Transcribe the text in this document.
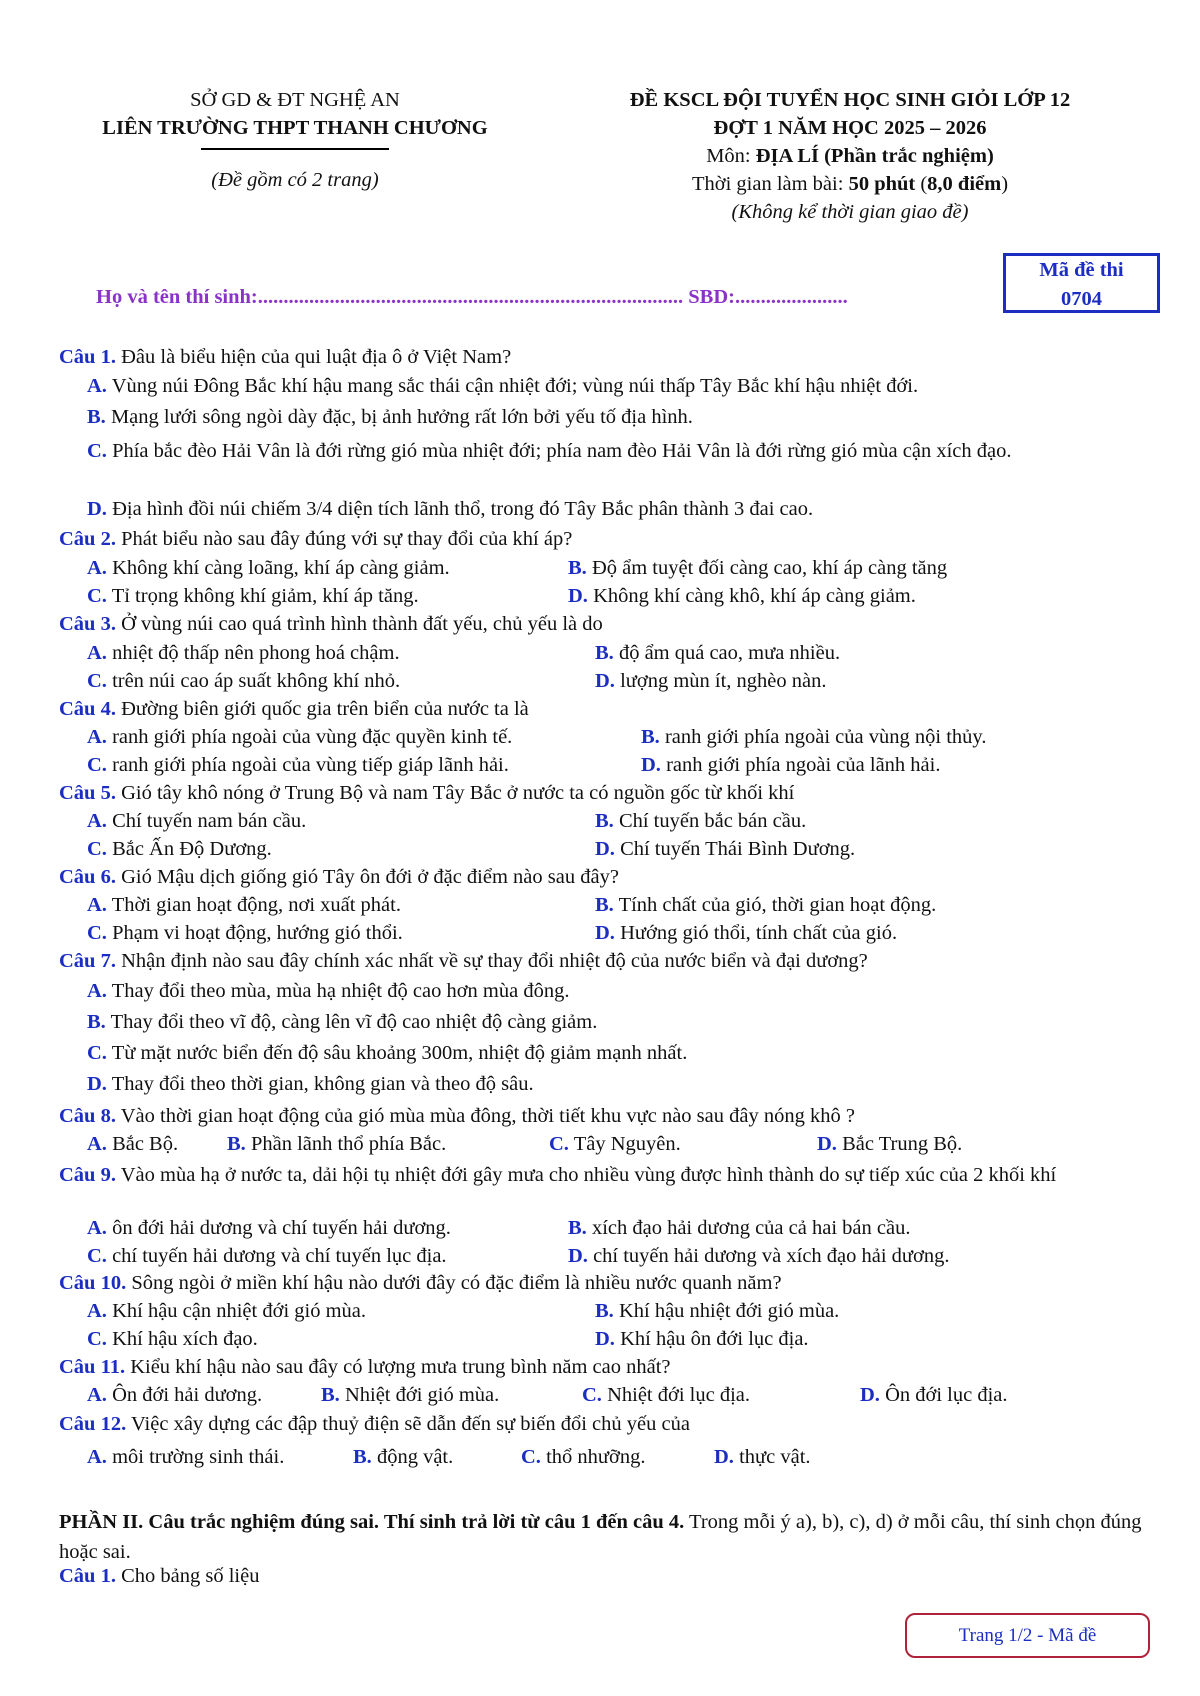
SỞ GD & ĐT NGHỆ AN
LIÊN TRƯỜNG THPT THANH CHƯƠNG
(Đề gồm có 2 trang)
ĐỀ KSCL ĐỘI TUYỂN HỌC SINH GIỎI LỚP 12
ĐỢT 1 NĂM HỌC 2025 – 2026
Môn: ĐỊA LÍ (Phần trắc nghiệm)
Thời gian làm bài: 50 phút (8,0 điểm)
(Không kể thời gian giao đề)
Mã đề thi
0704
Họ và tên thí sinh:................................................................................... SBD:......................
Câu 1. Đâu là biểu hiện của qui luật địa ô ở Việt Nam?
A. Vùng núi Đông Bắc khí hậu mang sắc thái cận nhiệt đới; vùng núi thấp Tây Bắc khí hậu nhiệt đới.
B. Mạng lưới sông ngòi dày đặc, bị ảnh hưởng rất lớn bởi yếu tố địa hình.
C. Phía bắc đèo Hải Vân là đới rừng gió mùa nhiệt đới; phía nam đèo Hải Vân là đới rừng gió mùa cận xích đạo.
D. Địa hình đồi núi chiếm 3/4 diện tích lãnh thổ, trong đó Tây Bắc phân thành 3 đai cao.
Câu 2. Phát biểu nào sau đây đúng với sự thay đổi của khí áp?
A. Không khí càng loãng, khí áp càng giảm.	B. Độ ẩm tuyệt đối càng cao, khí áp càng tăng
C. Tỉ trọng không khí giảm, khí áp tăng.	D. Không khí càng khô, khí áp càng giảm.
Câu 3. Ở vùng núi cao quá trình hình thành đất yếu, chủ yếu là do
A. nhiệt độ thấp nên phong hoá chậm.	B. độ ẩm quá cao, mưa nhiều.
C. trên núi cao áp suất không khí nhỏ.	D. lượng mùn ít, nghèo nàn.
Câu 4. Đường biên giới quốc gia trên biển của nước ta là
A. ranh giới phía ngoài của vùng đặc quyền kinh tế.	B. ranh giới phía ngoài của vùng nội thủy.
C. ranh giới phía ngoài của vùng tiếp giáp lãnh hải.	D. ranh giới phía ngoài của lãnh hải.
Câu 5. Gió tây khô nóng ở Trung Bộ và nam Tây Bắc ở nước ta có nguồn gốc từ khối khí
A. Chí tuyến nam bán cầu.	B. Chí tuyến bắc bán cầu.
C. Bắc Ấn Độ Dương.	D. Chí tuyến Thái Bình Dương.
Câu 6. Gió Mậu dịch giống gió Tây ôn đới ở đặc điểm nào sau đây?
A. Thời gian hoạt động, nơi xuất phát.	B. Tính chất của gió, thời gian hoạt động.
C. Phạm vi hoạt động, hướng gió thổi.	D. Hướng gió thổi, tính chất của gió.
Câu 7. Nhận định nào sau đây chính xác nhất về sự thay đổi nhiệt độ của nước biển và đại dương?
A. Thay đổi theo mùa, mùa hạ nhiệt độ cao hơn mùa đông.
B. Thay đổi theo vĩ độ, càng lên vĩ độ cao nhiệt độ càng giảm.
C. Từ mặt nước biển đến độ sâu khoảng 300m, nhiệt độ giảm mạnh nhất.
D. Thay đổi theo thời gian, không gian và theo độ sâu.
Câu 8. Vào thời gian hoạt động của gió mùa mùa đông, thời tiết khu vực nào sau đây nóng khô ?
A. Bắc Bộ. B. Phần lãnh thổ phía Bắc.	C. Tây Nguyên.	D. Bắc Trung Bộ.
Câu 9. Vào mùa hạ ở nước ta, dải hội tụ nhiệt đới gây mưa cho nhiều vùng được hình thành do sự tiếp xúc của 2 khối khí
A. ôn đới hải dương và chí tuyến hải dương.	B. xích đạo hải dương của cả hai bán cầu.
C. chí tuyến hải dương và chí tuyến lục địa.	D. chí tuyến hải dương và xích đạo hải dương.
Câu 10. Sông ngòi ở miền khí hậu nào dưới đây có đặc điểm là nhiều nước quanh năm?
A. Khí hậu cận nhiệt đới gió mùa.	B. Khí hậu nhiệt đới gió mùa.
C. Khí hậu xích đạo.	D. Khí hậu ôn đới lục địa.
Câu 11. Kiểu khí hậu nào sau đây có lượng mưa trung bình năm cao nhất?
A. Ôn đới hải dương.	B. Nhiệt đới gió mùa.	C. Nhiệt đới lục địa.	D. Ôn đới lục địa.
Câu 12. Việc xây dựng các đập thuỷ điện sẽ dẫn đến sự biến đổi chủ yếu của
A. môi trường sinh thái.	B. động vật.	C. thổ nhưỡng.	D. thực vật.
PHẦN II. Câu trắc nghiệm đúng sai. Thí sinh trả lời từ câu 1 đến câu 4. Trong mỗi ý a), b), c), d) ở mỗi câu, thí sinh chọn đúng hoặc sai.
Câu 1. Cho bảng số liệu
Trang 1/2 - Mã đề
